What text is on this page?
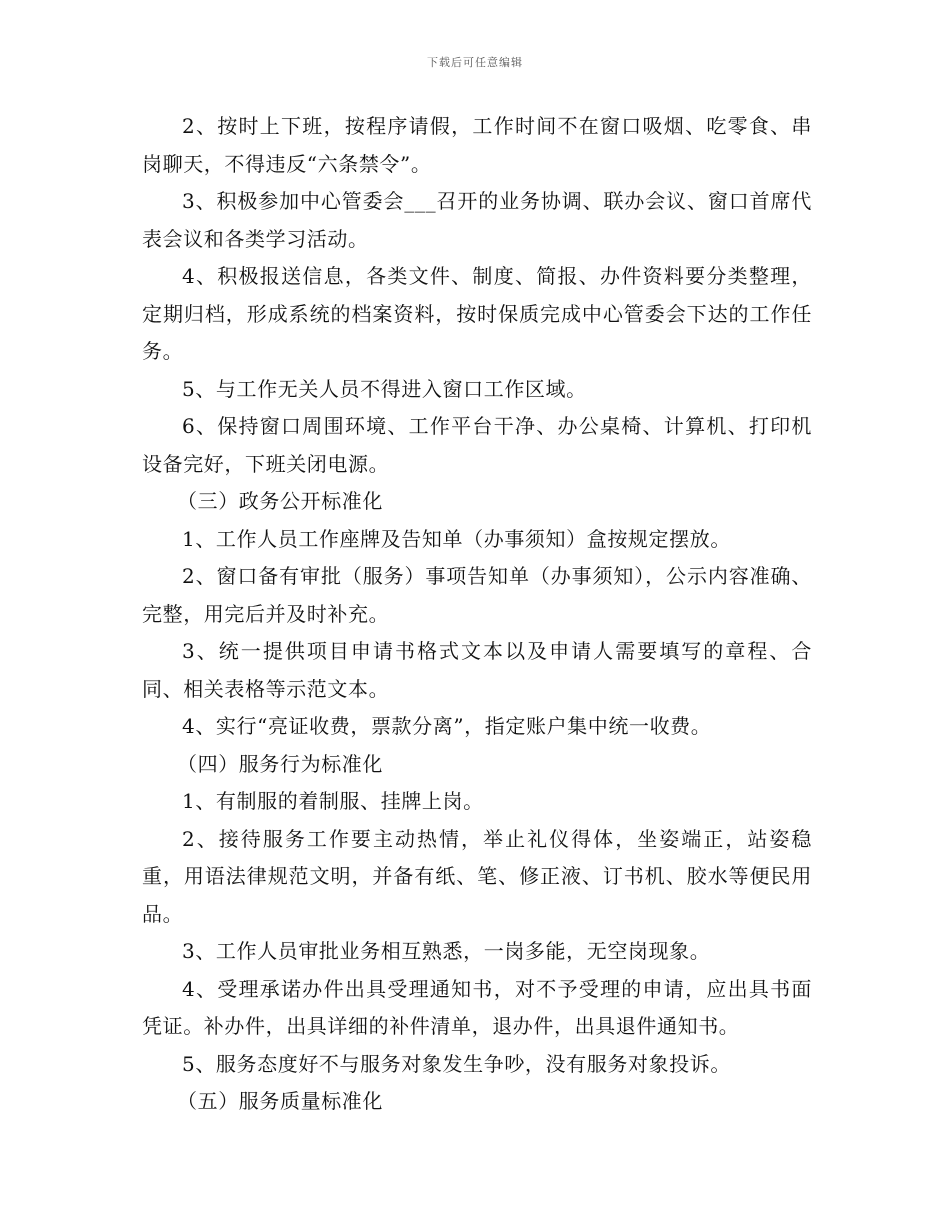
下载后可任意编辑

2、按时上下班，按程序请假，工作时间不在窗口吸烟、吃零食、串岗聊天，不得违反“六条禁令”。

3、积极参加中心管委会___召开的业务协调、联办会议、窗口首席代表会议和各类学习活动。

4、积极报送信息，各类文件、制度、简报、办件资料要分类整理，定期归档，形成系统的档案资料，按时保质完成中心管委会下达的工作任务。

5、与工作无关人员不得进入窗口工作区域。

6、保持窗口周围环境、工作平台干净、办公桌椅、计算机、打印机设备完好，下班关闭电源。

（三）政务公开标准化

1、工作人员工作座牌及告知单（办事须知）盒按规定摆放。

2、窗口备有审批（服务）事项告知单（办事须知），公示内容准确、完整，用完后并及时补充。

3、统一提供项目申请书格式文本以及申请人需要填写的章程、合同、相关表格等示范文本。

4、实行“亮证收费，票款分离”，指定账户集中统一收费。

（四）服务行为标准化

1、有制服的着制服、挂牌上岗。

2、接待服务工作要主动热情，举止礼仪得体，坐姿端正，站姿稳重，用语法律规范文明，并备有纸、笔、修正液、订书机、胶水等便民用品。

3、工作人员审批业务相互熟悉，一岗多能，无空岗现象。

4、受理承诺办件出具受理通知书，对不予受理的申请，应出具书面凭证。补办件，出具详细的补件清单，退办件，出具退件通知书。

5、服务态度好不与服务对象发生争吵，没有服务对象投诉。

（五）服务质量标准化
